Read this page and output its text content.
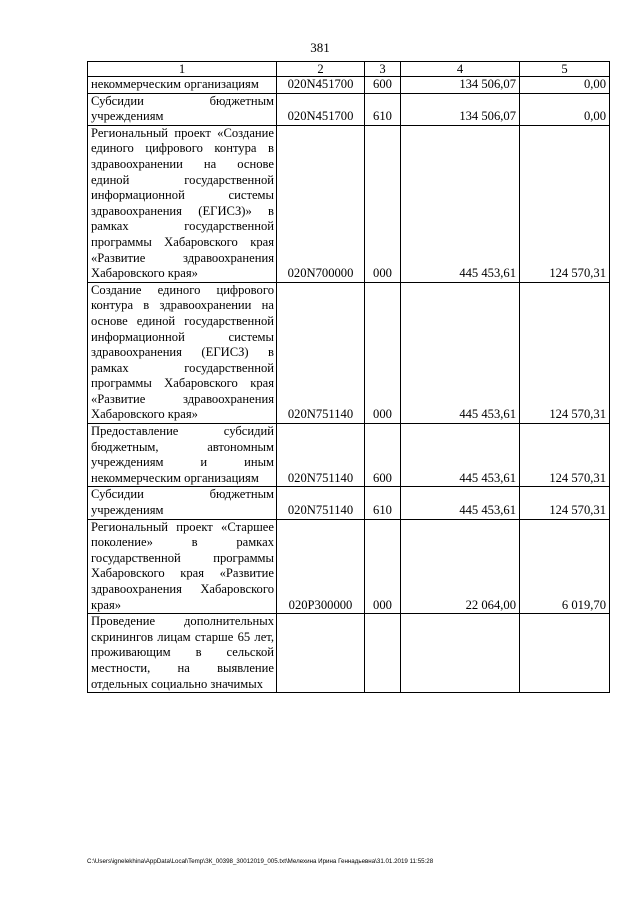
381
1	2	3	4	5
некоммерческим организациям	020N451700	600	134 506,07	0,00
Субсидии бюджетным учреждениям	020N451700	610	134 506,07	0,00
Региональный проект «Создание единого цифрового контура в здравоохранении на основе единой государственной информационной системы здравоохранения (ЕГИСЗ)» в рамках государственной программы Хабаровского края «Развитие здравоохранения Хабаровского края»	020N700000	000	445 453,61	124 570,31
Создание единого цифрового контура в здравоохранении на основе единой государственной информационной системы здравоохранения (ЕГИСЗ) в рамках государственной программы Хабаровского края «Развитие здравоохранения Хабаровского края»	020N751140	000	445 453,61	124 570,31
Предоставление субсидий бюджетным, автономным учреждениям и иным некоммерческим организациям	020N751140	600	445 453,61	124 570,31
Субсидии бюджетным учреждениям	020N751140	610	445 453,61	124 570,31
Региональный проект «Старшее поколение» в рамках государственной программы Хабаровского края «Развитие здравоохранения Хабаровского края»	020P300000	000	22 064,00	6 019,70
Проведение дополнительных скринингов лицам старше 65 лет, проживающим в сельской местности, на выявление отдельных социально значимых				
C:\Users\ignelekhina\AppData\Local\Temp\ЗК_00398_30012019_005.txt\Мелехина Ирина Геннадьевна\31.01.2019 11:55:28
